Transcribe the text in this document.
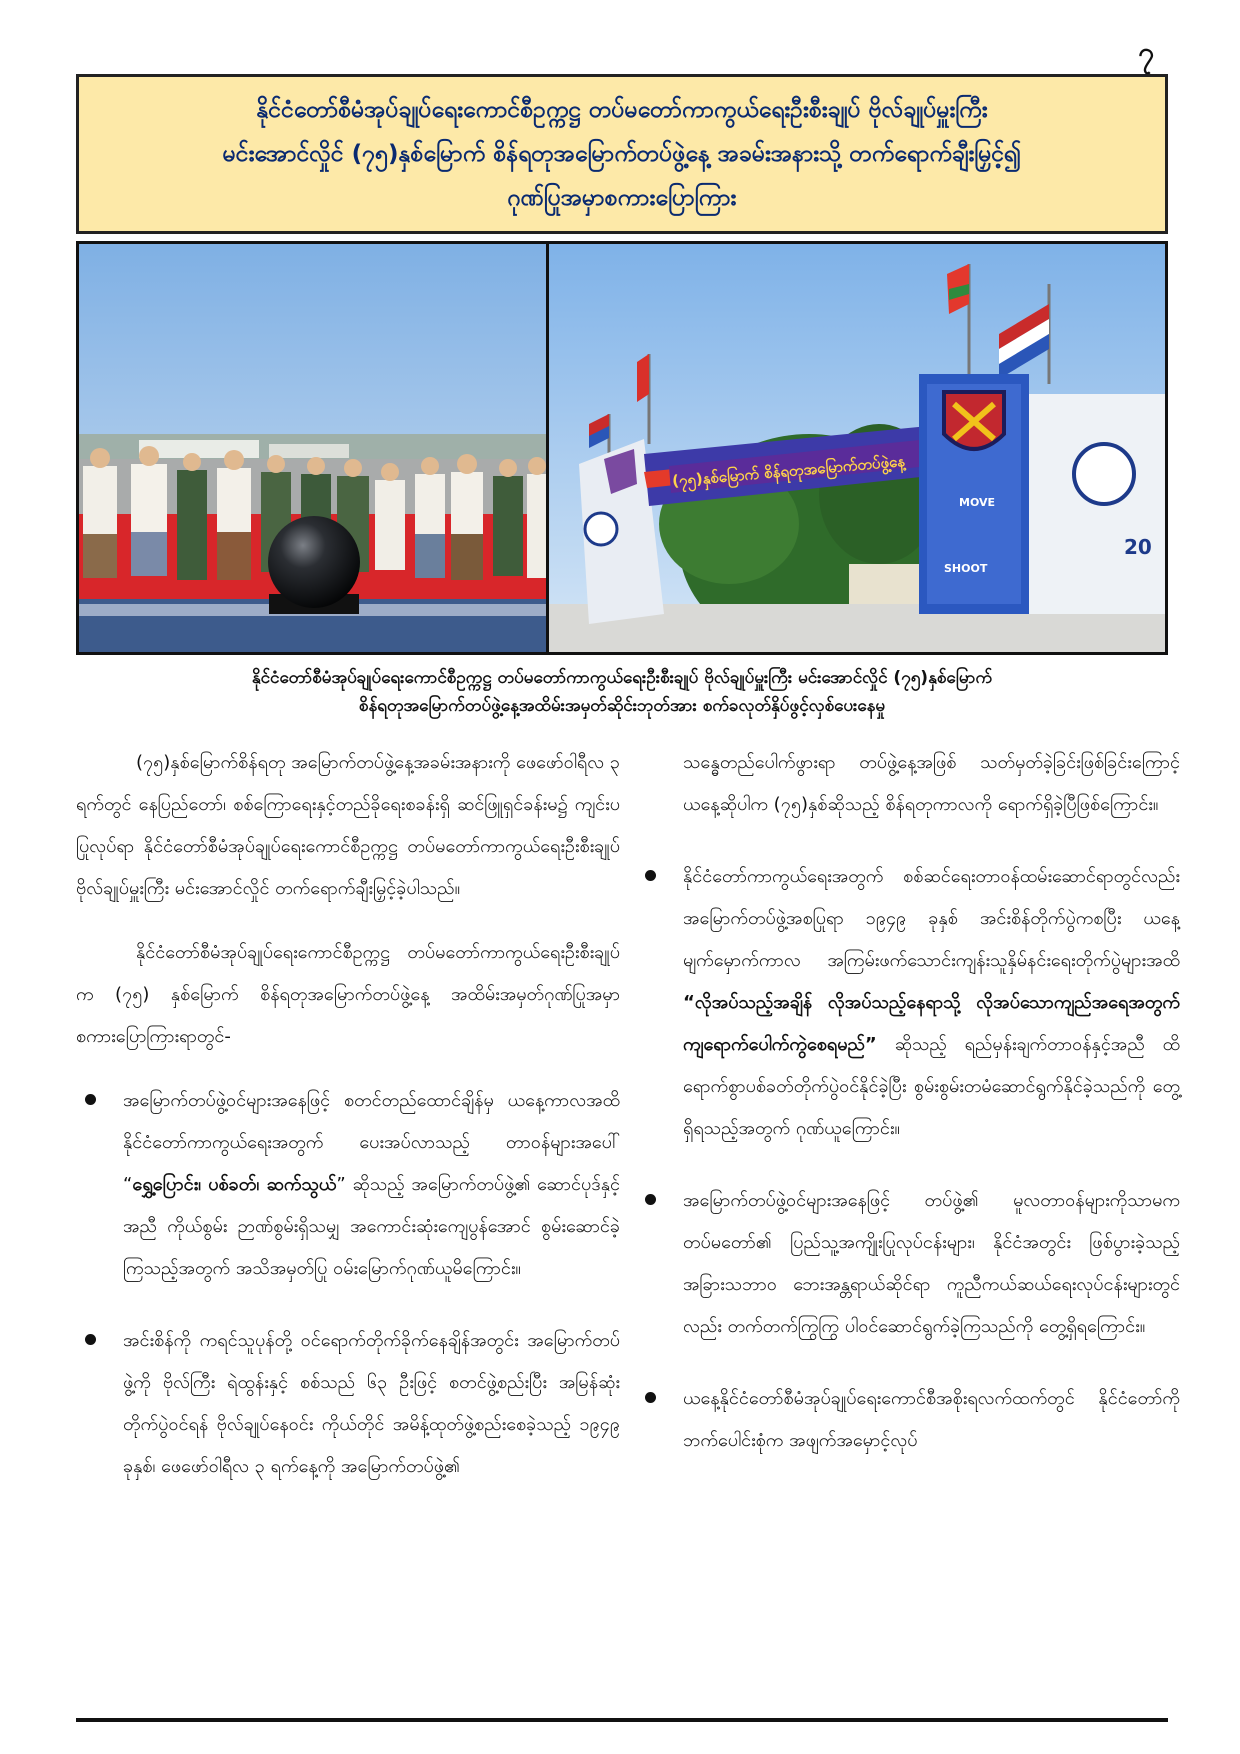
၇
နိုင်ငံတော်စီမံအုပ်ချုပ်ရေးကောင်စီဥက္ကဋ္ဌ တပ်မတော်ကာကွယ်ရေးဦးစီးချုပ် ဗိုလ်ချုပ်မှူးကြီး
မင်းအောင်လှိုင် (၇၅)နှစ်မြောက် စိန်ရတုအမြောက်တပ်ဖွဲ့နေ့ အခမ်းအနားသို့ တက်ရောက်ချီးမြှင့်၍
ဂုဏ်ပြုအမှာစကားပြောကြား
(၇၅)နှစ်မြောက် စိန်ရတုအမြောက်တပ်ဖွဲ့နေ့
MOVE
SHOOT
20
နိုင်ငံတော်စီမံအုပ်ချုပ်ရေးကောင်စီဥက္ကဋ္ဌ တပ်မတော်ကာကွယ်ရေးဦးစီးချုပ် ဗိုလ်ချုပ်မှူးကြီး မင်းအောင်လှိုင် (၇၅)နှစ်မြောက်
စိန်ရတုအမြောက်တပ်ဖွဲ့နေ့အထိမ်းအမှတ်ဆိုင်းဘုတ်အား စက်ခလုတ်နှိပ်ဖွင့်လှစ်ပေးနေမှု

(၇၅)နှစ်မြောက်စိန်ရတု အမြောက်တပ်ဖွဲ့နေ့အခမ်းအနားကို ဖေဖော်ဝါရီလ ၃ ရက်တွင် နေပြည်တော်၊ စစ်ကြောရေးနှင့်တည်ခိုရေးစခန်းရှိ ဆင်ဖြူရှင်ခန်းမ၌ ကျင်းပပြုလုပ်ရာ နိုင်ငံတော်စီမံအုပ်ချုပ်ရေးကောင်စီဥက္ကဋ္ဌ တပ်မတော်ကာကွယ်ရေးဦးစီးချုပ် ဗိုလ်ချုပ်မှူးကြီး မင်းအောင်လှိုင် တက်ရောက်ချီးမြှင့်ခဲ့ပါသည်။

နိုင်ငံတော်စီမံအုပ်ချုပ်ရေးကောင်စီဥက္ကဋ္ဌ တပ်မတော်ကာကွယ်ရေးဦးစီးချုပ်က (၇၅) နှစ်မြောက် စိန်ရတုအမြောက်တပ်ဖွဲ့နေ့ အထိမ်းအမှတ်ဂုဏ်ပြုအမှာစကားပြောကြားရာတွင်-

အမြောက်တပ်ဖွဲ့ဝင်များအနေဖြင့် စတင်တည်ထောင်ချိန်မှ ယနေ့ကာလအထိ နိုင်ငံတော်ကာကွယ်ရေးအတွက် ပေးအပ်လာသည့် တာဝန်များအပေါ် “ရွှေ့ပြောင်း၊ ပစ်ခတ်၊ ဆက်သွယ်” ဆိုသည့် အမြောက်တပ်ဖွဲ့၏ ဆောင်ပုဒ်နှင့်အညီ ကိုယ်စွမ်း ဉာဏ်စွမ်းရှိသမျှ အကောင်းဆုံးကျေပွန်အောင် စွမ်းဆောင်ခဲ့ကြသည့်အတွက် အသိအမှတ်ပြု ဝမ်းမြောက်ဂုဏ်ယူမိကြောင်း။
အင်းစိန်ကို ကရင်သူပုန်တို့ ဝင်ရောက်တိုက်ခိုက်နေချိန်အတွင်း အမြောက်တပ်ဖွဲ့ကို ဗိုလ်ကြီး ရဲထွန်းနှင့် စစ်သည် ၆၃ ဦးဖြင့် စတင်ဖွဲ့စည်းပြီး အမြန်ဆုံးတိုက်ပွဲဝင်ရန် ဗိုလ်ချုပ်နေဝင်း ကိုယ်တိုင် အမိန့်ထုတ်ဖွဲ့စည်းစေခဲ့သည့် ၁၉၄၉ ခုနှစ်၊ ဖေဖော်ဝါရီလ ၃ ရက်နေ့ကို အမြောက်တပ်ဖွဲ့၏

သန္ဓေတည်ပေါက်ဖွားရာ တပ်ဖွဲ့နေ့အဖြစ် သတ်မှတ်ခဲ့ခြင်းဖြစ်ခြင်းကြောင့် ယနေ့ဆိုပါက (၇၅)နှစ်ဆိုသည့် စိန်ရတုကာလကို ရောက်ရှိခဲ့ပြီဖြစ်ကြောင်း။

နိုင်ငံတော်ကာကွယ်ရေးအတွက် စစ်ဆင်ရေးတာဝန်ထမ်းဆောင်ရာတွင်လည်း အမြောက်တပ်ဖွဲ့အစပြုရာ ၁၉၄၉ ခုနှစ် အင်းစိန်တိုက်ပွဲကစပြီး ယနေ့မျက်မှောက်ကာလ အကြမ်းဖက်သောင်းကျန်းသူနှိမ်နင်းရေးတိုက်ပွဲများအထိ “လိုအပ်သည့်အချိန် လိုအပ်သည့်နေရာသို့ လိုအပ်သောကျည်အရေအတွက် ကျရောက်ပေါက်ကွဲစေရမည်” ဆိုသည့် ရည်မှန်းချက်တာဝန်နှင့်အညီ ထိရောက်စွာပစ်ခတ်တိုက်ပွဲဝင်နိုင်ခဲ့ပြီး စွမ်းစွမ်းတမံဆောင်ရွက်နိုင်ခဲ့သည်ကို တွေ့ရှိရသည့်အတွက် ဂုဏ်ယူကြောင်း။
အမြောက်တပ်ဖွဲ့ဝင်များအနေဖြင့် တပ်ဖွဲ့၏ မူလတာဝန်များကိုသာမက တပ်မတော်၏ ပြည်သူ့အကျိုးပြုလုပ်ငန်းများ၊ နိုင်ငံအတွင်း ဖြစ်ပွားခဲ့သည့် အခြားသဘာဝ ဘေးအန္တရာယ်ဆိုင်ရာ ကူညီကယ်ဆယ်ရေးလုပ်ငန်းများတွင်လည်း တက်တက်ကြွကြွ ပါဝင်ဆောင်ရွက်ခဲ့ကြသည်ကို တွေ့ရှိရကြောင်း။
ယနေ့နိုင်ငံတော်စီမံအုပ်ချုပ်ရေးကောင်စီအစိုးရလက်ထက်တွင် နိုင်ငံတော်ကို ဘက်ပေါင်းစုံက အဖျက်အမှောင့်လုပ်
